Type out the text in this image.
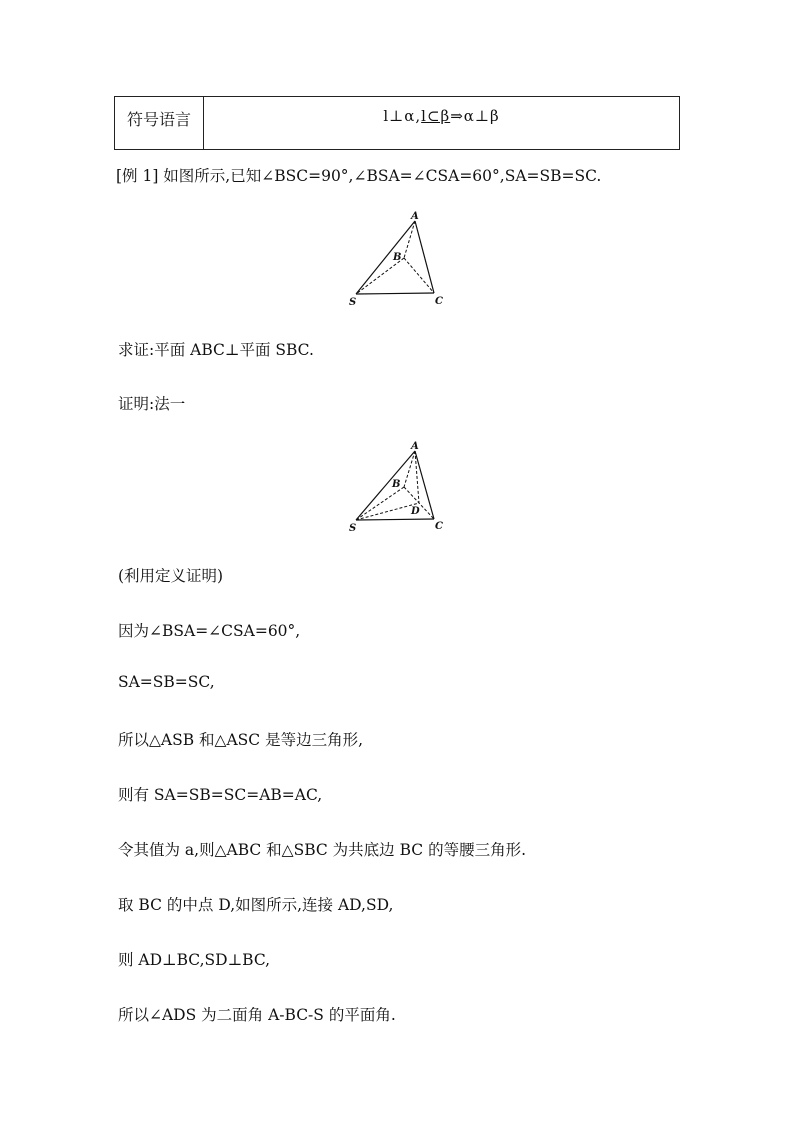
符号语言	l⊥α, l⊂β ⇒α⊥β
[例 1] 如图所示,已知∠BSC=90°,∠BSA=∠CSA=60°,SA=SB=SC.
A
B
S	C
求证:平面 ABC⊥平面 SBC.
证明:法一
A
B
D
S	C
(利用定义证明)
因为∠BSA=∠CSA=60°,
SA=SB=SC,
所以△ASB 和△ASC 是等边三角形,
则有 SA=SB=SC=AB=AC,
令其值为 a,则△ABC 和△SBC 为共底边 BC 的等腰三角形.
取 BC 的中点 D,如图所示,连接 AD,SD,
则 AD⊥BC,SD⊥BC,
所以∠ADS 为二面角 A-BC-S 的平面角.
